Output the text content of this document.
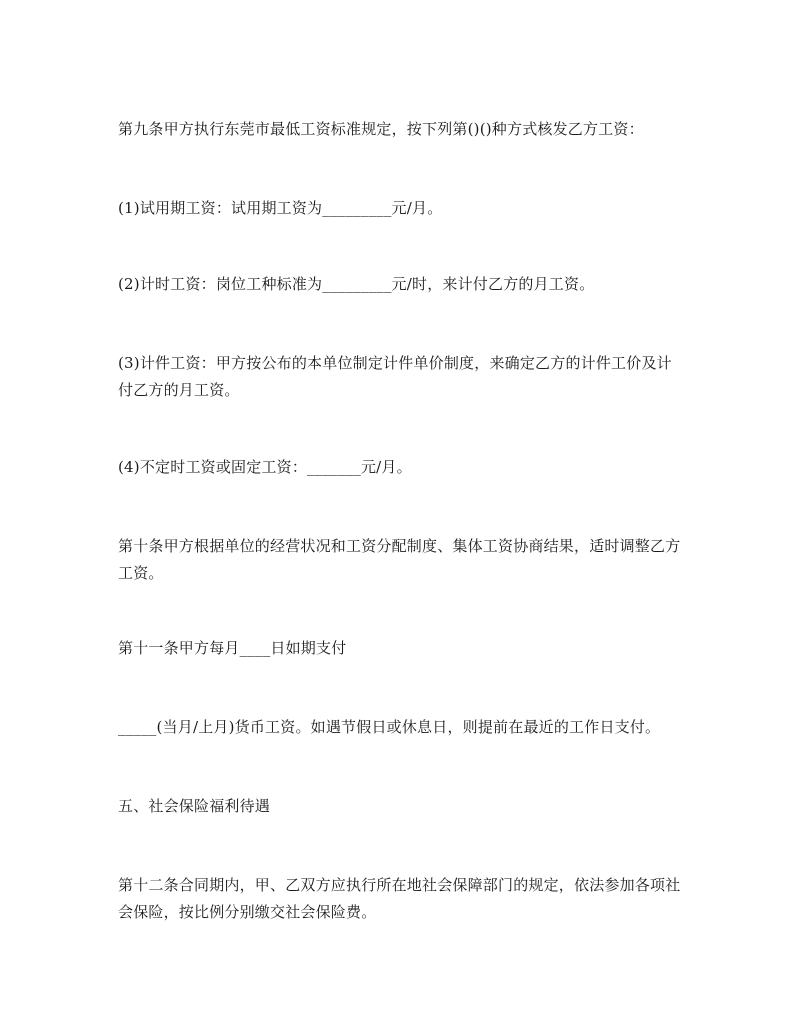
第九条甲方执行东莞市最低工资标准规定，按下列第()()种方式核发乙方工资：

(1)试用期工资：试用期工资为_________元/月。

(2)计时工资：岗位工种标准为_________元/时，来计付乙方的月工资。

(3)计件工资：甲方按公布的本单位制定计件单价制度，来确定乙方的计件工价及计付乙方的月工资。

(4)不定时工资或固定工资：_______元/月。

第十条甲方根据单位的经营状况和工资分配制度、集体工资协商结果，适时调整乙方工资。

第十一条甲方每月____日如期支付

_____(当月/上月)货币工资。如遇节假日或休息日，则提前在最近的工作日支付。

五、社会保险福利待遇

第十二条合同期内，甲、乙双方应执行所在地社会保障部门的规定，依法参加各项社会保险，按比例分别缴交社会保险费。
